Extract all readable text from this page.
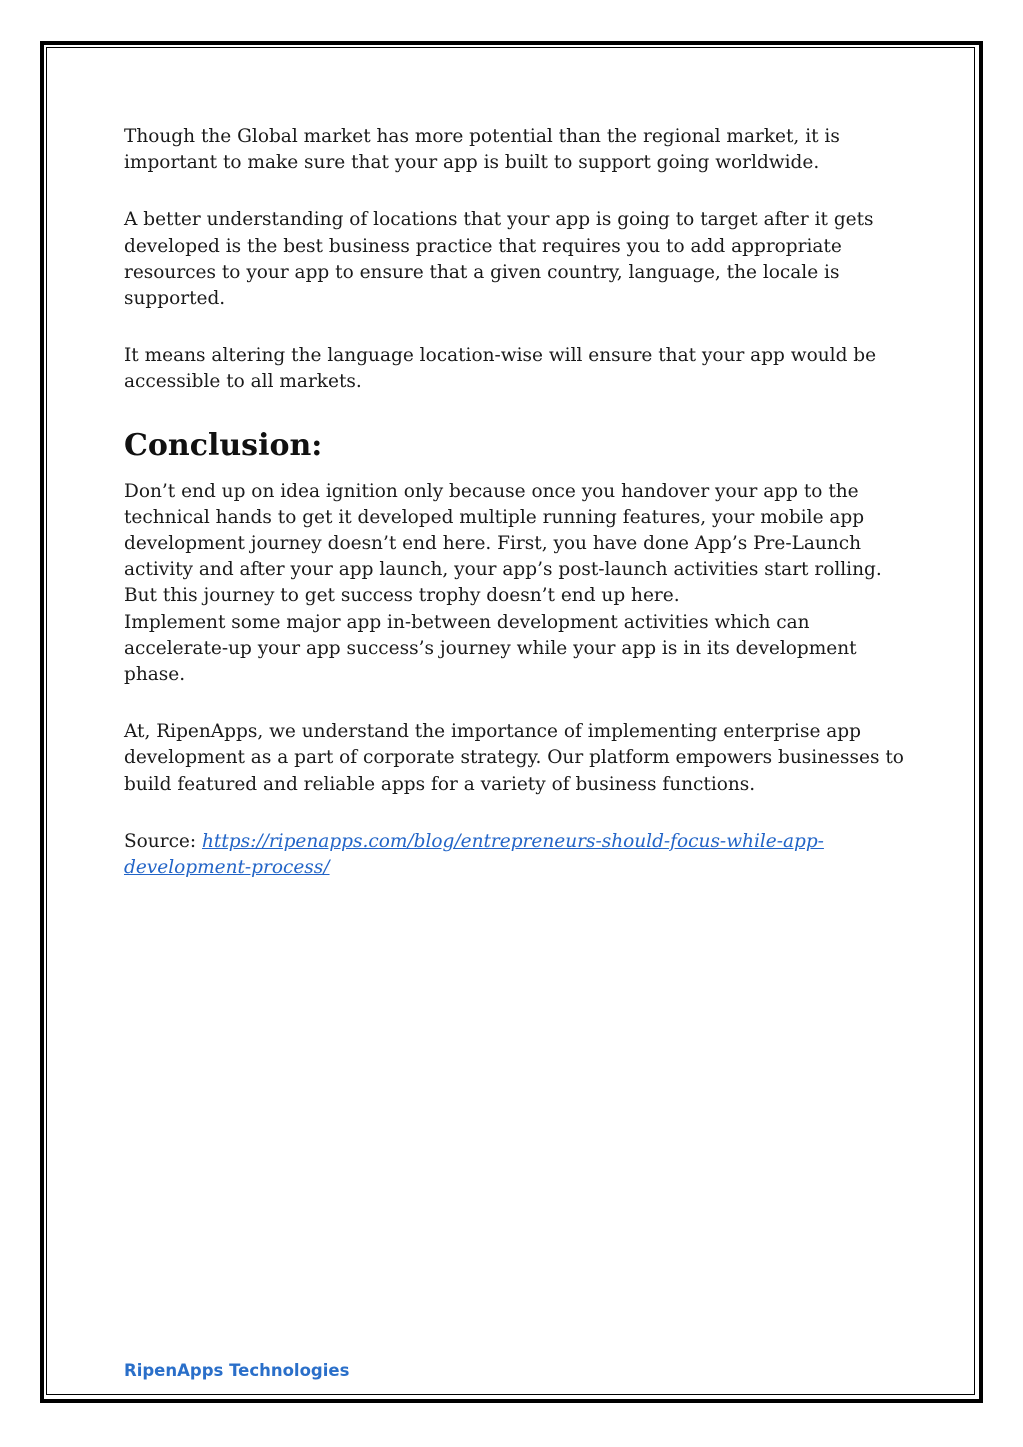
Though the Global market has more potential than the regional market, it is important to make sure that your app is built to support going worldwide.

A better understanding of locations that your app is going to target after it gets developed is the best business practice that requires you to add appropriate resources to your app to ensure that a given country, language, the locale is supported.

It means altering the language location-wise will ensure that your app would be accessible to all markets.

Conclusion:

Don’t end up on idea ignition only because once you handover your app to the technical hands to get it developed multiple running features, your mobile app development journey doesn’t end here. First, you have done App’s Pre-Launch activity and after your app launch, your app’s post-launch activities start rolling. But this journey to get success trophy doesn’t end up here.
Implement some major app in-between development activities which can accelerate-up your app success’s journey while your app is in its development phase.

At, RipenApps, we understand the importance of implementing enterprise app development as a part of corporate strategy. Our platform empowers businesses to build featured and reliable apps for a variety of business functions.

Source: https://ripenapps.com/blog/entrepreneurs-should-focus-while-app-development-process/

RipenApps Technologies
